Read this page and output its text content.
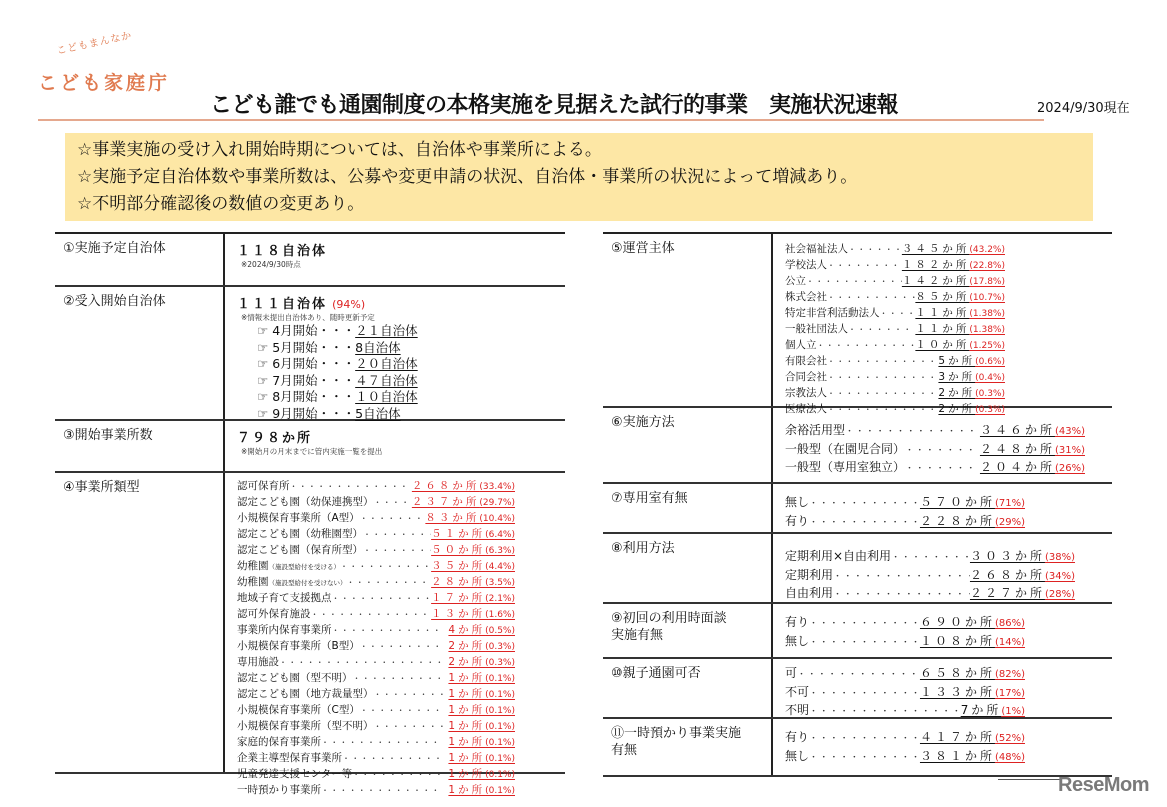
こどもまんなか
こども家庭庁
こども誰でも通園制度の本格実施を見据えた試行的事業　実施状況速報	2024/9/30現在
☆事業実施の受け入れ開始時期については、自治体や事業所による。
☆実施予定自治体数や事業所数は、公募や変更申請の状況、自治体・事業所の状況によって増減あり。
☆不明部分確認後の数値の変更あり。
①実施予定自治体	１１８自治体
※2024/9/30時点
②受入開始自治体	１１１自治体 (94%)
※情報未提出自治体あり、随時更新予定
☞ 4月開始・・・２１自治体
☞ 5月開始・・・8自治体
☞ 6月開始・・・２０自治体
☞ 7月開始・・・４７自治体
☞ 8月開始・・・１０自治体
☞ 9月開始・・・5自治体
③開始事業所数	７９８か所
※開始月の月末までに管内実施一覧を提出
④事業所類型	認可保育所 ・・・・・・・・・・・・・・・・・・・・・・・・・・・・・・	２６８か所(33.4%)
認定こども園（幼保連携型） ・・・・・・・・・・・・・・・・・・・・・・・・・・・・・・	２３７か所(29.7%)
小規模保育事業所（A型） ・・・・・・・・・・・・・・・・・・・・・・・・・・・・・・	８３か所(10.4%)
認定こども園（幼稚園型） ・・・・・・・・・・・・・・・・・・・・・・・・・・・・・・	５１か所(6.4%)
認定こども園（保育所型） ・・・・・・・・・・・・・・・・・・・・・・・・・・・・・・	５０か所(6.3%)
幼稚園（施設型給付を受ける） ・・・・・・・・・・・・・・・・・・・・・・・・・・・・・・	３５か所(4.4%)
幼稚園（施設型給付を受けない） ・・・・・・・・・・・・・・・・・・・・・・・・・・・・・・	２８か所(3.5%)
地域子育て支援拠点 ・・・・・・・・・・・・・・・・・・・・・・・・・・・・・・	１７か所(2.1%)
認可外保育施設 ・・・・・・・・・・・・・・・・・・・・・・・・・・・・・・	１３か所(1.6%)
事業所内保育事業所 ・・・・・・・・・・・・・・・・・・・・・・・・・・・・・・	4か所(0.5%)
小規模保育事業所（B型） ・・・・・・・・・・・・・・・・・・・・・・・・・・・・・・	2か所(0.3%)
専用施設 ・・・・・・・・・・・・・・・・・・・・・・・・・・・・・・	2か所(0.3%)
認定こども園（型不明） ・・・・・・・・・・・・・・・・・・・・・・・・・・・・・・	1か所(0.1%)
認定こども園（地方裁量型） ・・・・・・・・・・・・・・・・・・・・・・・・・・・・・・	1か所(0.1%)
小規模保育事業所（C型） ・・・・・・・・・・・・・・・・・・・・・・・・・・・・・・	1か所(0.1%)
小規模保育事業所（型不明） ・・・・・・・・・・・・・・・・・・・・・・・・・・・・・・	1か所(0.1%)
家庭的保育事業所 ・・・・・・・・・・・・・・・・・・・・・・・・・・・・・・	1か所(0.1%)
企業主導型保育事業所 ・・・・・・・・・・・・・・・・・・・・・・・・・・・・・・	1か所(0.1%)
児童発達支援センター等 ・・・・・・・・・・・・・・・・・・・・・・・・・・・・・・	1か所(0.1%)
一時預かり事業所 ・・・・・・・・・・・・・・・・・・・・・・・・・・・・・・	1か所(0.1%)
⑤運営主体	社会福祉法人 ・・・・・・・・・・・・・・・・・・・・・・・・・・・・・・	３４５か所(43.2%)
学校法人 ・・・・・・・・・・・・・・・・・・・・・・・・・・・・・・	１８２か所(22.8%)
公立 ・・・・・・・・・・・・・・・・・・・・・・・・・・・・・・	１４２か所(17.8%)
株式会社 ・・・・・・・・・・・・・・・・・・・・・・・・・・・・・・	８５か所(10.7%)
特定非営利活動法人 ・・・・・・・・・・・・・・・・・・・・・・・・・・・・・・	１１か所(1.38%)
一般社団法人 ・・・・・・・・・・・・・・・・・・・・・・・・・・・・・・	１１か所(1.38%)
個人立 ・・・・・・・・・・・・・・・・・・・・・・・・・・・・・・	１０か所(1.25%)
有限会社 ・・・・・・・・・・・・・・・・・・・・・・・・・・・・・・	5か所(0.6%)
合同会社 ・・・・・・・・・・・・・・・・・・・・・・・・・・・・・・	3か所(0.4%)
宗教法人 ・・・・・・・・・・・・・・・・・・・・・・・・・・・・・・	2か所(0.3%)
医療法人 ・・・・・・・・・・・・・・・・・・・・・・・・・・・・・・	2か所(0.3%)
⑥実施方法	余裕活用型 ・・・・・・・・・・・・・・・・・・・・・・・・・・・・・・	３４６か所(43%)
一般型（在園児合同） ・・・・・・・・・・・・・・・・・・・・・・・・・・・・・・	２４８か所(31%)
一般型（専用室独立） ・・・・・・・・・・・・・・・・・・・・・・・・・・・・・・	２０４か所(26%)
⑦専用室有無	無し ・・・・・・・・・・・・・・・・・・・・・・・・・・・・・・	５７０か所(71%)
有り ・・・・・・・・・・・・・・・・・・・・・・・・・・・・・・	２２８か所(29%)
⑧利用方法	定期利用×自由利用 ・・・・・・・・・・・・・・・・・・・・・・・・・・・・・・	３０３か所(38%)
定期利用 ・・・・・・・・・・・・・・・・・・・・・・・・・・・・・・	２６８か所(34%)
自由利用 ・・・・・・・・・・・・・・・・・・・・・・・・・・・・・・	２２７か所(28%)
⑨初回の利用時面談
実施有無
有り ・・・・・・・・・・・・・・・・・・・・・・・・・・・・・・	６９０か所(86%)
無し ・・・・・・・・・・・・・・・・・・・・・・・・・・・・・・	１０８か所(14%)
⑩親子通園可否	可 ・・・・・・・・・・・・・・・・・・・・・・・・・・・・・・	６５８か所(82%)
不可 ・・・・・・・・・・・・・・・・・・・・・・・・・・・・・・	１３３か所(17%)
不明 ・・・・・・・・・・・・・・・・・・・・・・・・・・・・・・	7か所(1%)
⑪一時預かり事業実施
有無
有り ・・・・・・・・・・・・・・・・・・・・・・・・・・・・・・	４１７か所(52%)
無し ・・・・・・・・・・・・・・・・・・・・・・・・・・・・・・	３８１か所(48%)
ReseMom
